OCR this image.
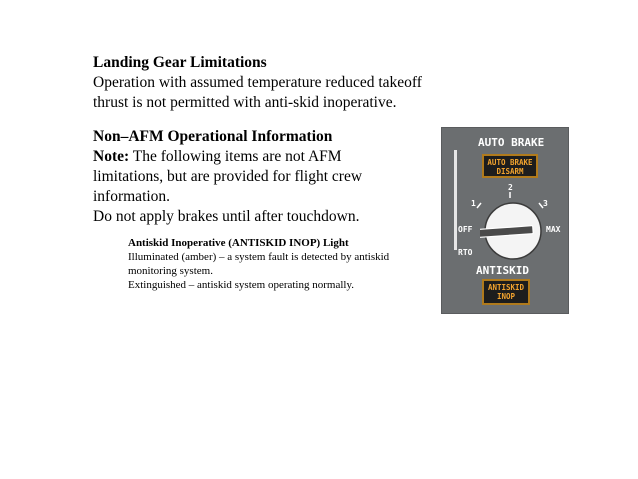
Landing Gear Limitations
Operation with assumed temperature reduced takeoff
thrust is not permitted with anti-skid inoperative.
Non–AFM Operational Information
Note: The following items are not AFM
limitations, but are provided for flight crew
information.
Do not apply brakes until after touchdown.
Antiskid Inoperative (ANTISKID INOP) Light
Illuminated (amber) – a system fault is detected by antiskid
monitoring system.
Extinguished – antiskid system operating normally.
AUTO BRAKE
AUTO BRAKE
DISARM
2
1	3
OFF	MAX
RTO
ANTISKID
ANTISKID
INOP
